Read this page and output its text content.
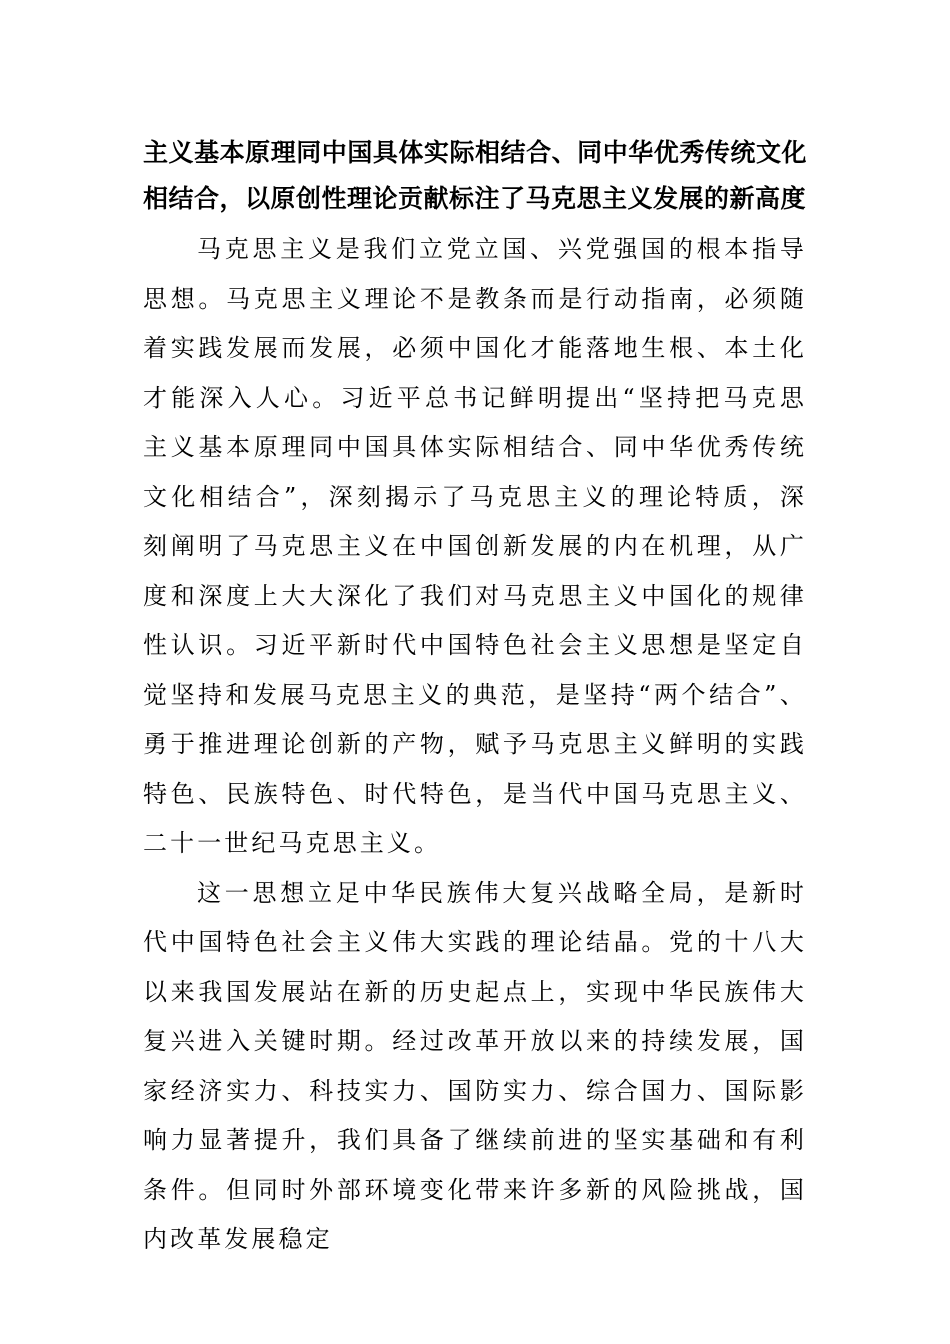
主义基本原理同中国具体实际相结合、同中华优秀传统文化相结合，以原创性理论贡献标注了马克思主义发展的新高度

马克思主义是我们立党立国、兴党强国的根本指导思想。马克思主义理论不是教条而是行动指南，必须随着实践发展而发展，必须中国化才能落地生根、本土化才能深入人心。习近平总书记鲜明提出“坚持把马克思主义基本原理同中国具体实际相结合、同中华优秀传统文化相结合”，深刻揭示了马克思主义的理论特质，深刻阐明了马克思主义在中国创新发展的内在机理，从广度和深度上大大深化了我们对马克思主义中国化的规律性认识。习近平新时代中国特色社会主义思想是坚定自觉坚持和发展马克思主义的典范，是坚持“两个结合”、勇于推进理论创新的产物，赋予马克思主义鲜明的实践特色、民族特色、时代特色，是当代中国马克思主义、二十一世纪马克思主义。

这一思想立足中华民族伟大复兴战略全局，是新时代中国特色社会主义伟大实践的理论结晶。党的十八大以来我国发展站在新的历史起点上，实现中华民族伟大复兴进入关键时期。经过改革开放以来的持续发展，国家经济实力、科技实力、国防实力、综合国力、国际影响力显著提升，我们具备了继续前进的坚实基础和有利条件。但同时外部环境变化带来许多新的风险挑战，国内改革发展稳定
